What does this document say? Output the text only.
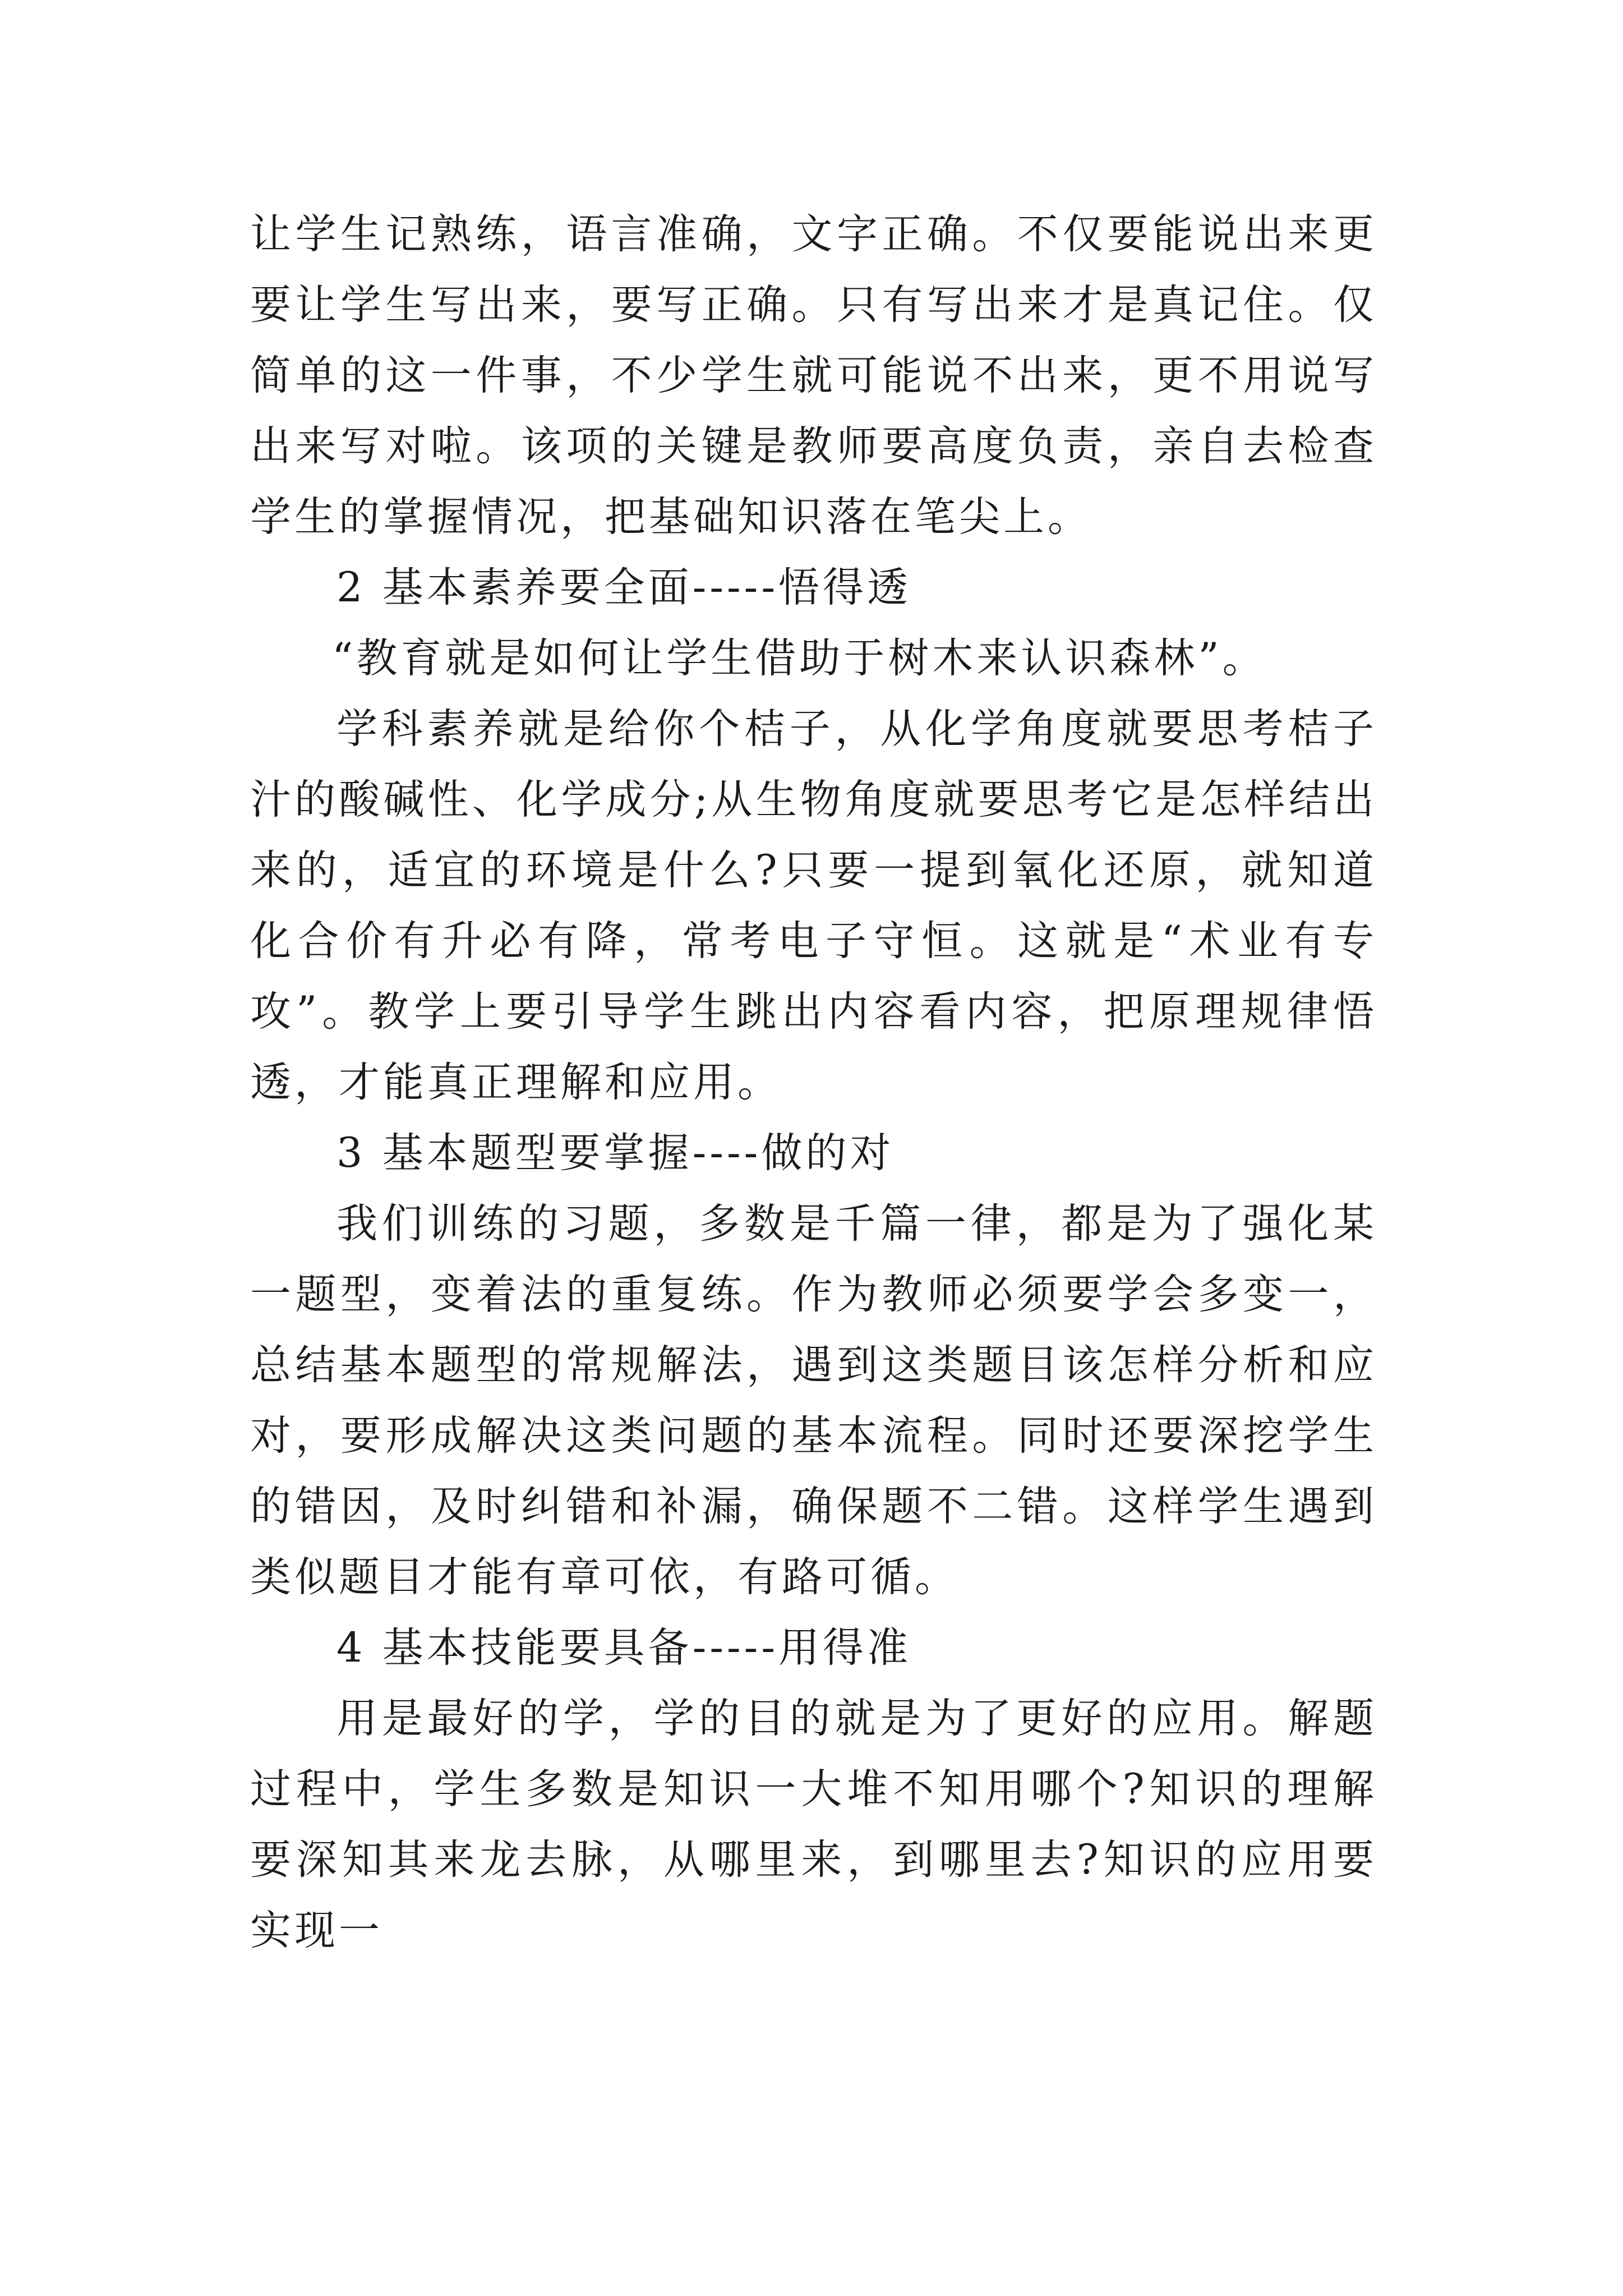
让学生记熟练，语言准确，文字正确。不仅要能说出来更要让学生写出来，要写正确。只有写出来才是真记住。仅简单的这一件事，不少学生就可能说不出来，更不用说写出来写对啦。该项的关键是教师要高度负责，亲自去检查学生的掌握情况，把基础知识落在笔尖上。

2 基本素养要全面-----悟得透

“教育就是如何让学生借助于树木来认识森林”。

学科素养就是给你个桔子，从化学角度就要思考桔子汁的酸碱性、化学成分;从生物角度就要思考它是怎样结出来的，适宜的环境是什么?只要一提到氧化还原，就知道化合价有升必有降，常考电子守恒。这就是“术业有专攻”。教学上要引导学生跳出内容看内容，把原理规律悟透，才能真正理解和应用。

3 基本题型要掌握----做的对

我们训练的习题，多数是千篇一律，都是为了强化某一题型，变着法的重复练。作为教师必须要学会多变一，总结基本题型的常规解法，遇到这类题目该怎样分析和应对，要形成解决这类问题的基本流程。同时还要深挖学生的错因，及时纠错和补漏，确保题不二错。这样学生遇到类似题目才能有章可依，有路可循。

4 基本技能要具备-----用得准

用是最好的学，学的目的就是为了更好的应用。解题过程中，学生多数是知识一大堆不知用哪个?知识的理解要深知其来龙去脉，从哪里来，到哪里去?知识的应用要实现一
